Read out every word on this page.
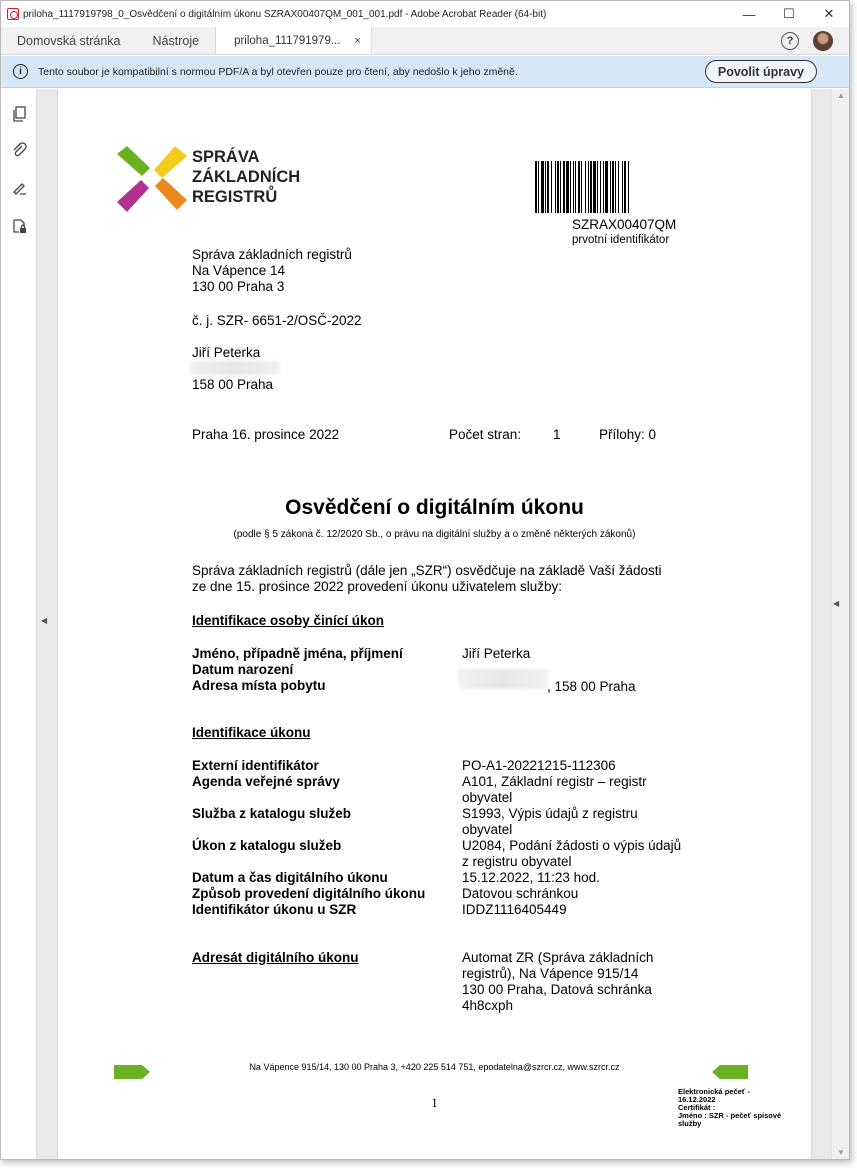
priloha_1117919798_0_Osvědčení o digitálním úkonu SZRAX00407QM_001_001.pdf - Adobe Acrobat Reader (64-bit)	—	☐	✕
Domovská stránka	Nástroje	priloha_111791979... ×	?
i	Tento soubor je kompatibilní s normou PDF/A a byl otevřen pouze pro čtení, aby nedošlo k jeho změně.	Povolit úpravy
SPRÁVA
ZÁKLADNÍCH
REGISTRŮ
SZRAX00407QM
prvotní identifikátor
Správa základních registrů
Na Vápence 14
130 00 Praha 3
č. j. SZR- 6651-2/OSČ-2022
Jiří Peterka
158 00 Praha
Praha 16. prosince 2022	Počet stran: 1	Přílohy: 0
Osvědčení o digitálním úkonu
(podle § 5 zákona č. 12/2020 Sb., o právu na digitální služby a o změně některých zákonů)
Správa základních registrů (dále jen „SZR“) osvědčuje na základě Vaší žádosti
ze dne 15. prosince 2022 provedení úkonu uživatelem služby:
Identifikace osoby činící úkon
Jméno, případně jména, příjmení	Jiří Peterka
Datum narození
Adresa místa pobytu	, 158 00 Praha
Identifikace úkonu
Externí identifikátor	PO-A1-20221215-112306
Agenda veřejné správy	A101, Základní registr – registr
obyvatel
Služba z katalogu služeb	S1993, Výpis údajů z registru
obyvatel
Úkon z katalogu služeb	U2084, Podání žádosti o výpis údajů
z registru obyvatel
Datum a čas digitálního úkonu	15.12.2022, 11:23 hod.
Způsob provedení digitálního úkonu	Datovou schránkou
Identifikátor úkonu u SZR	IDDZ1116405449
Adresát digitálního úkonu	Automat ZR (Správa základních
registrů), Na Vápence 915/14
130 00 Praha, Datová schránka
4h8cxph
Na Vápence 915/14, 130 00 Praha 3, +420 225 514 751, epodatelna@szrcr.cz, www.szrcr.cz
1
Elektronická pečeť -
16.12.2022
Certifikát :
Jméno : SZR - pečeť spisové
služby
▲
▼
◀
◀
